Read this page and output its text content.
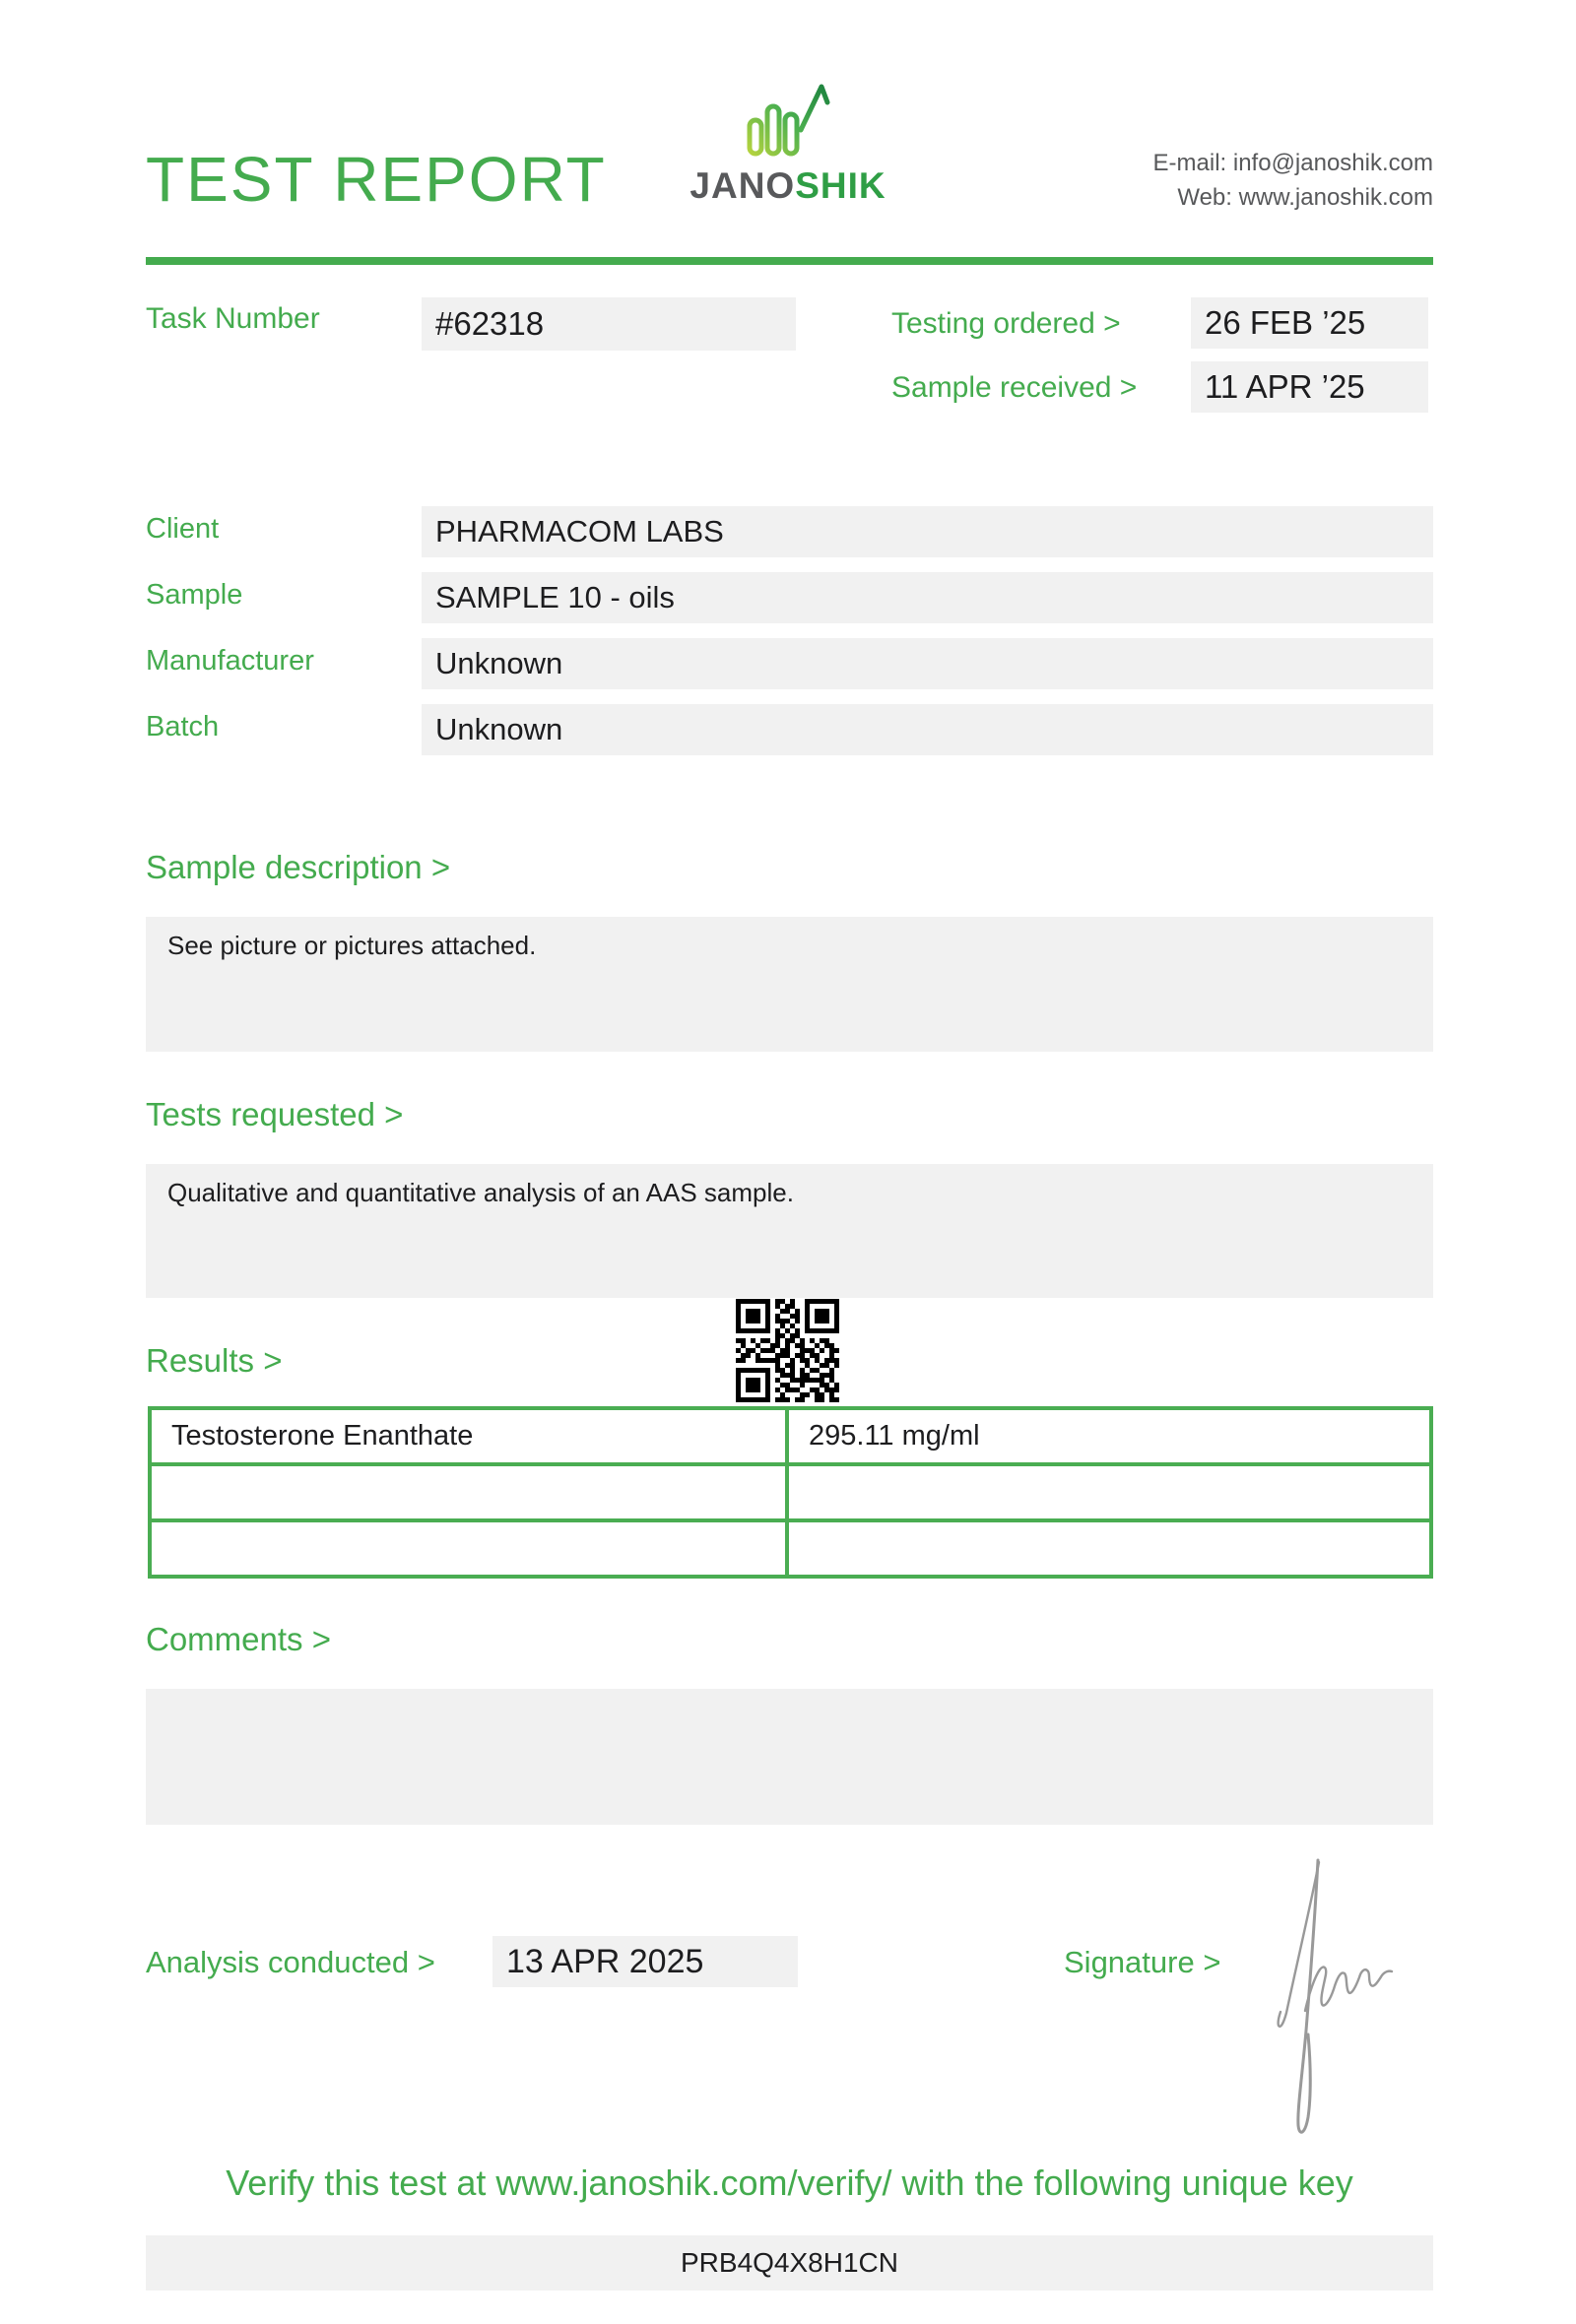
TEST REPORT	JANOSHIK
E-mail: info@janoshik.com
Web: www.janoshik.com
Task Number	#62318	Testing ordered >	26 FEB ’25
Sample received >	11 APR ’25
Client	PHARMACOM LABS
Sample	SAMPLE 10 - oils
Manufacturer	Unknown
Batch	Unknown
Sample description >
See picture or pictures attached.
Tests requested >
Qualitative and quantitative analysis of an AAS sample.
Results >
Testosterone Enanthate	295.11 mg/ml

Comments >
Analysis conducted >	13 APR 2025	Signature >
Verify this test at www.janoshik.com/verify/ with the following unique key
PRB4Q4X8H1CN
